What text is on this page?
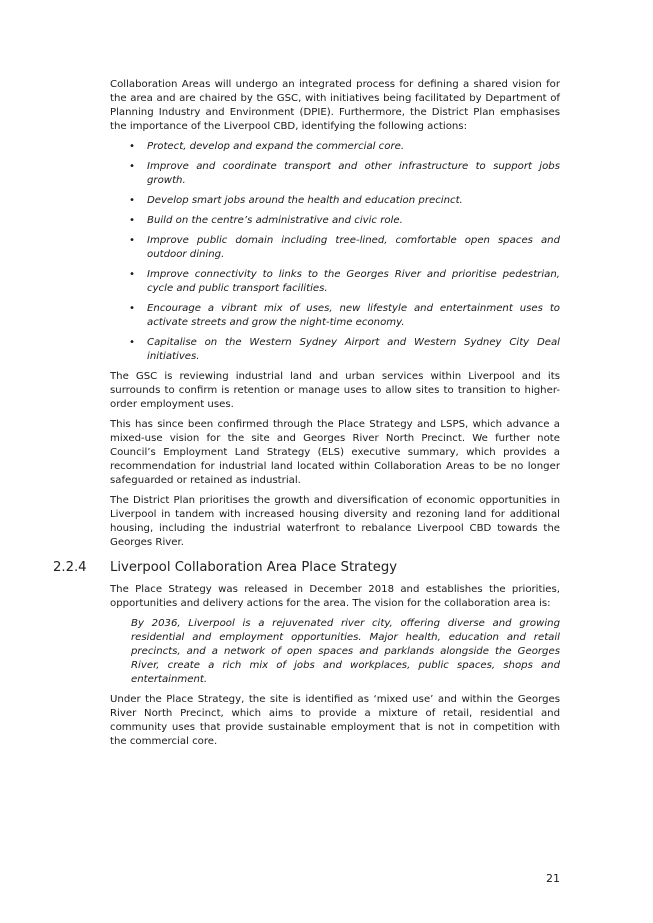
Collaboration Areas will undergo an integrated process for defining a shared vision for the area and are chaired by the GSC, with initiatives being facilitated by Department of Planning Industry and Environment (DPIE). Furthermore, the District Plan emphasises the importance of the Liverpool CBD, identifying the following actions:

• Protect, develop and expand the commercial core.
• Improve and coordinate transport and other infrastructure to support jobs growth.
• Develop smart jobs around the health and education precinct.
• Build on the centre’s administrative and civic role.
• Improve public domain including tree-lined, comfortable open spaces and outdoor dining.
• Improve connectivity to links to the Georges River and prioritise pedestrian, cycle and public transport facilities.
• Encourage a vibrant mix of uses, new lifestyle and entertainment uses to activate streets and grow the night-time economy.
• Capitalise on the Western Sydney Airport and Western Sydney City Deal initiatives.

The GSC is reviewing industrial land and urban services within Liverpool and its surrounds to confirm is retention or manage uses to allow sites to transition to higher-order employment uses.

This has since been confirmed through the Place Strategy and LSPS, which advance a mixed-use vision for the site and Georges River North Precinct. We further note Council’s Employment Land Strategy (ELS) executive summary, which provides a recommendation for industrial land located within Collaboration Areas to be no longer safeguarded or retained as industrial.

The District Plan prioritises the growth and diversification of economic opportunities in Liverpool in tandem with increased housing diversity and rezoning land for additional housing, including the industrial waterfront to rebalance Liverpool CBD towards the Georges River.

2.2.4 Liverpool Collaboration Area Place Strategy

The Place Strategy was released in December 2018 and establishes the priorities, opportunities and delivery actions for the area. The vision for the collaboration area is:

By 2036, Liverpool is a rejuvenated river city, offering diverse and growing residential and employment opportunities. Major health, education and retail precincts, and a network of open spaces and parklands alongside the Georges River, create a rich mix of jobs and workplaces, public spaces, shops and entertainment.

Under the Place Strategy, the site is identified as ‘mixed use’ and within the Georges River North Precinct, which aims to provide a mixture of retail, residential and community uses that provide sustainable employment that is not in competition with the commercial core.

21
